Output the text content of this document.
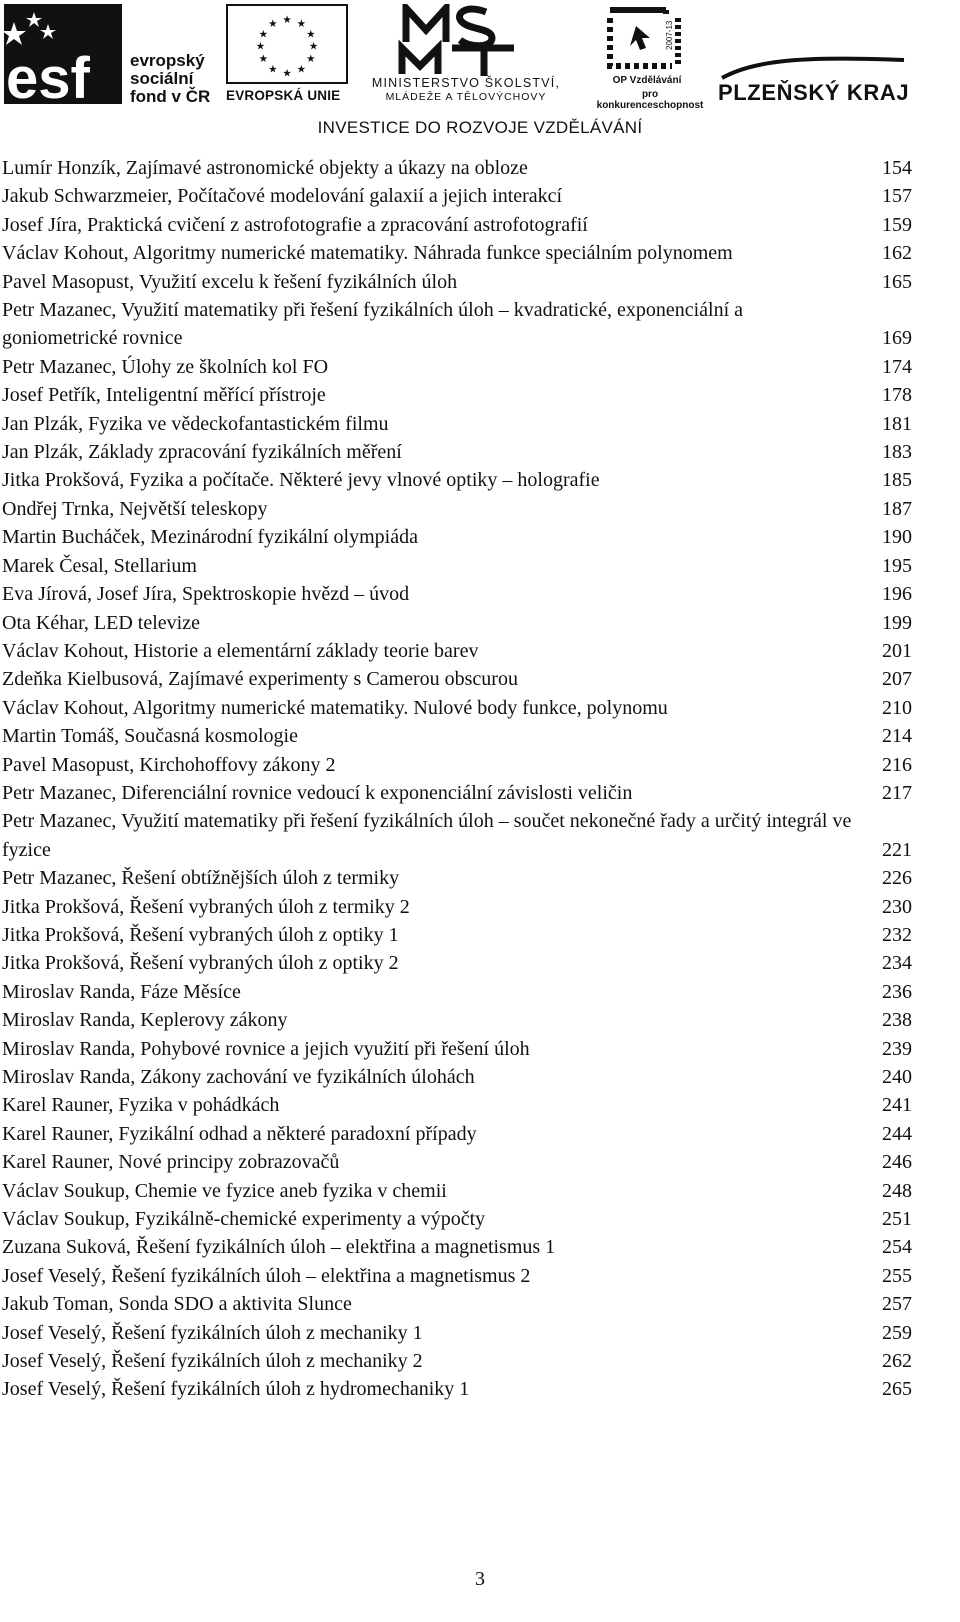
esf evropský
sociální
fond v ČR
★ ★
★
★
★
★
★
★
★
★
★
★
EVROPSKÁ UNIE
MINISTERSTVO ŠKOLSTVÍ,
MLÁDEŽE A TĚLOVÝCHOVY
2007-13
OP Vzdělávání
pro konkurenceschopnost
PLZEŇSKÝ KRAJ
INVESTICE DO ROZVOJE VZDĚLÁVÁNÍ
Lumír Honzík, Zajímavé astronomické objekty a úkazy na obloze	154
Jakub Schwarzmeier, Počítačové modelování galaxií a jejich interakcí	157
Josef Jíra, Praktická cvičení z astrofotografie a zpracování astrofotografií	159
Václav Kohout, Algoritmy numerické matematiky. Náhrada funkce speciálním polynomem	162
Pavel Masopust, Využití excelu k řešení fyzikálních úloh	165
Petr Mazanec, Využití matematiky při řešení fyzikálních úloh – kvadratické, exponenciální a goniometrické rovnice	169
Petr Mazanec, Úlohy ze školních kol FO	174
Josef Petřík, Inteligentní měřící přístroje	178
Jan Plzák, Fyzika ve vědeckofantastickém filmu	181
Jan Plzák, Základy zpracování fyzikálních měření	183
Jitka Prokšová, Fyzika a počítače. Některé jevy vlnové optiky – holografie	185
Ondřej Trnka, Největší teleskopy	187
Martin Bucháček, Mezinárodní fyzikální olympiáda	190
Marek Česal, Stellarium	195
Eva Jírová, Josef Jíra, Spektroskopie hvězd – úvod	196
Ota Kéhar, LED televize	199
Václav Kohout, Historie a elementární základy teorie barev	201
Zdeňka Kielbusová, Zajímavé experimenty s Camerou obscurou	207
Václav Kohout, Algoritmy numerické matematiky. Nulové body funkce, polynomu	210
Martin Tomáš, Současná kosmologie	214
Pavel Masopust, Kirchohoffovy zákony 2	216
Petr Mazanec, Diferenciální rovnice vedoucí k exponenciální závislosti veličin	217
Petr Mazanec, Využití matematiky při řešení fyzikálních úloh – součet nekonečné řady a určitý integrál ve fyzice	221
Petr Mazanec, Řešení obtížnějších úloh z termiky	226
Jitka Prokšová, Řešení vybraných úloh z termiky 2	230
Jitka Prokšová, Řešení vybraných úloh z optiky 1	232
Jitka Prokšová, Řešení vybraných úloh z optiky 2	234
Miroslav Randa, Fáze Měsíce	236
Miroslav Randa, Keplerovy zákony	238
Miroslav Randa, Pohybové rovnice a jejich využití při řešení úloh	239
Miroslav Randa, Zákony zachování ve fyzikálních úlohách	240
Karel Rauner, Fyzika v pohádkách	241
Karel Rauner, Fyzikální odhad a některé paradoxní případy	244
Karel Rauner, Nové principy zobrazovačů	246
Václav Soukup, Chemie ve fyzice aneb fyzika v chemii	248
Václav Soukup, Fyzikálně-chemické experimenty a výpočty	251
Zuzana Suková, Řešení fyzikálních úloh – elektřina a magnetismus 1	254
Josef Veselý, Řešení fyzikálních úloh – elektřina a magnetismus 2	255
Jakub Toman, Sonda SDO a aktivita Slunce	257
Josef Veselý, Řešení fyzikálních úloh z mechaniky 1	259
Josef Veselý, Řešení fyzikálních úloh z mechaniky 2	262
Josef Veselý, Řešení fyzikálních úloh z hydromechaniky 1	265
3
